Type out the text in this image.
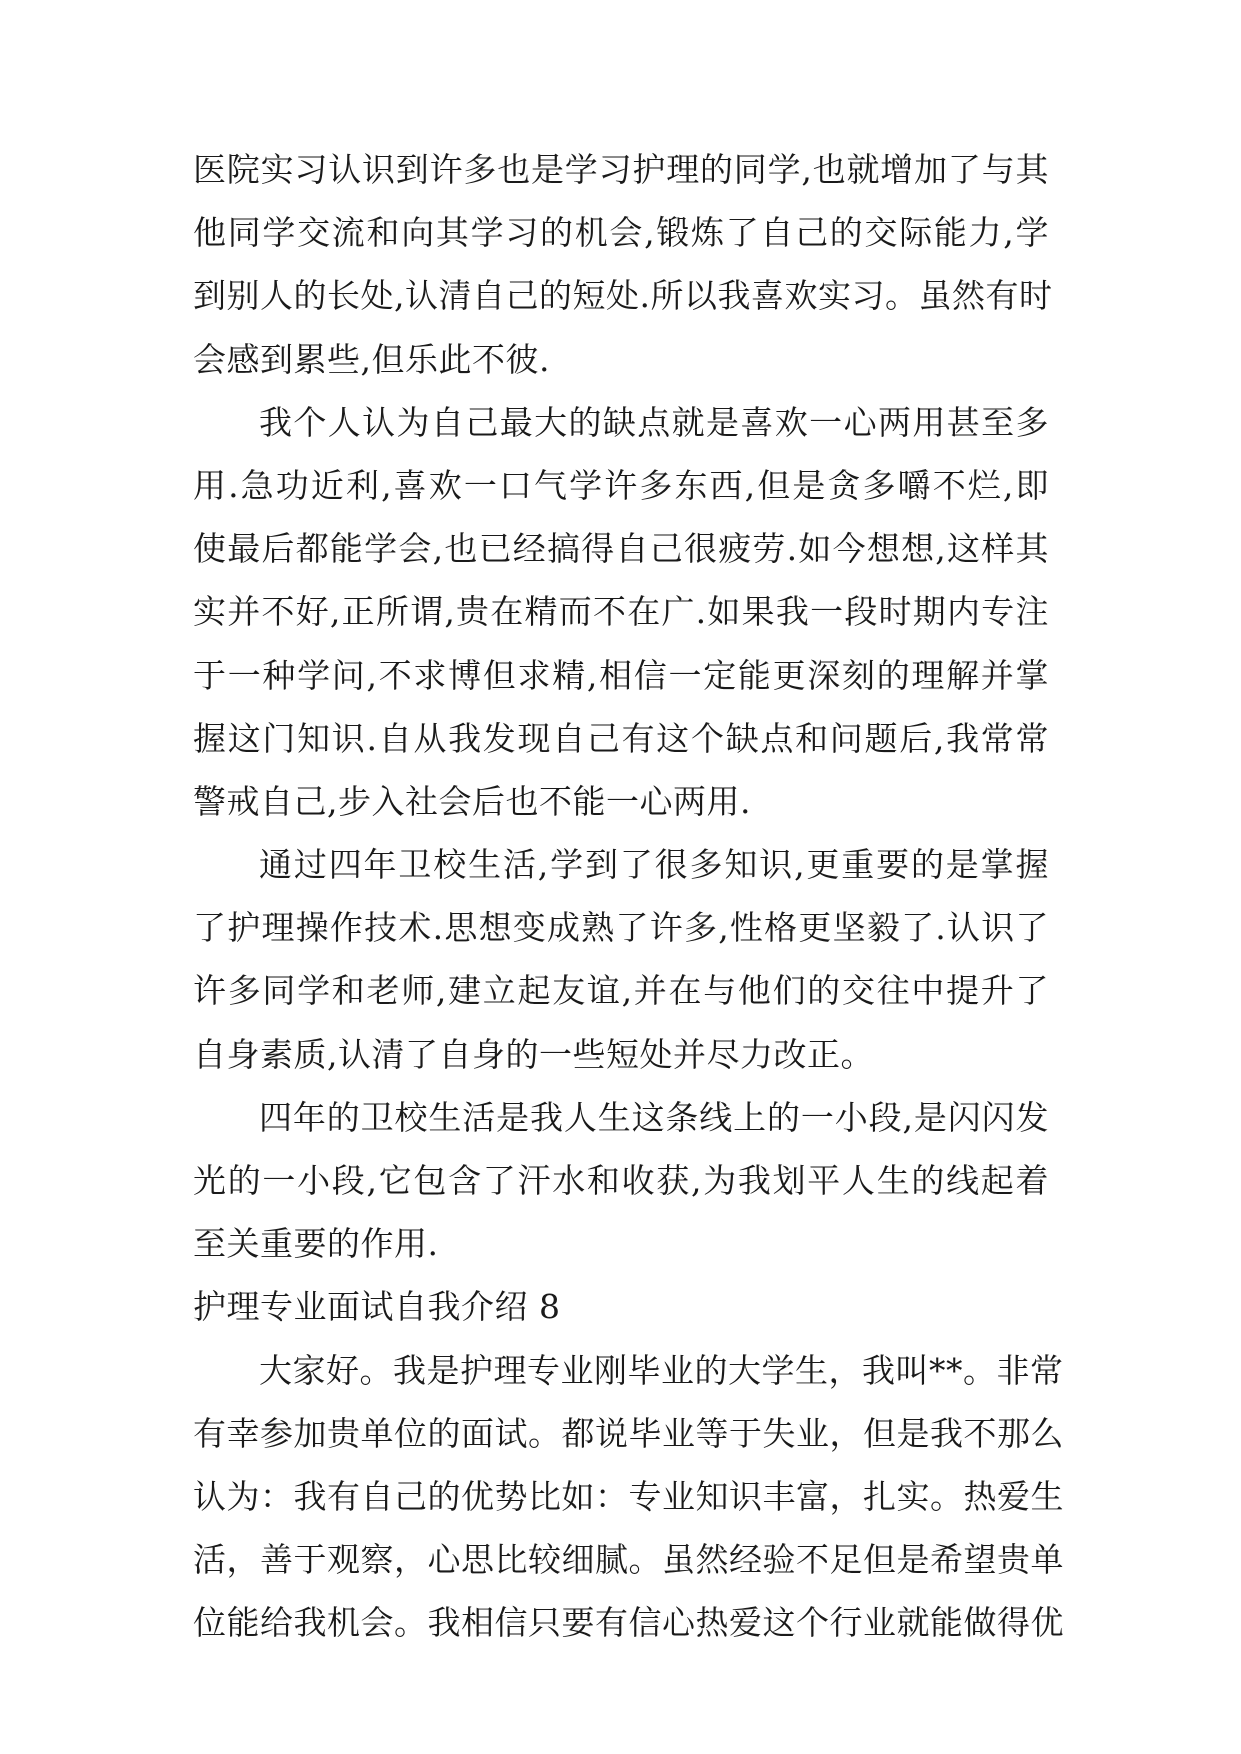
医院实习认识到许多也是学习护理的同学,也就增加了与其
他同学交流和向其学习的机会,锻炼了自己的交际能力,学
到别人的长处,认清自己的短处.所以我喜欢实习。虽然有时
会感到累些,但乐此不彼.
我个人认为自己最大的缺点就是喜欢一心两用甚至多
用.急功近利,喜欢一口气学许多东西,但是贪多嚼不烂,即
使最后都能学会,也已经搞得自己很疲劳.如今想想,这样其
实并不好,正所谓,贵在精而不在广.如果我一段时期内专注
于一种学问,不求博但求精,相信一定能更深刻的理解并掌
握这门知识.自从我发现自己有这个缺点和问题后,我常常
警戒自己,步入社会后也不能一心两用.
通过四年卫校生活,学到了很多知识,更重要的是掌握
了护理操作技术.思想变成熟了许多,性格更坚毅了.认识了
许多同学和老师,建立起友谊,并在与他们的交往中提升了
自身素质,认清了自身的一些短处并尽力改正。
四年的卫校生活是我人生这条线上的一小段,是闪闪发
光的一小段,它包含了汗水和收获,为我划平人生的线起着
至关重要的作用.
护理专业面试自我介绍 8
大家好。我是护理专业刚毕业的大学生，我叫**。非常
有幸参加贵单位的面试。都说毕业等于失业，但是我不那么
认为：我有自己的优势比如：专业知识丰富，扎实。热爱生
活，善于观察，心思比较细腻。虽然经验不足但是希望贵单
位能给我机会。我相信只要有信心热爱这个行业就能做得优
